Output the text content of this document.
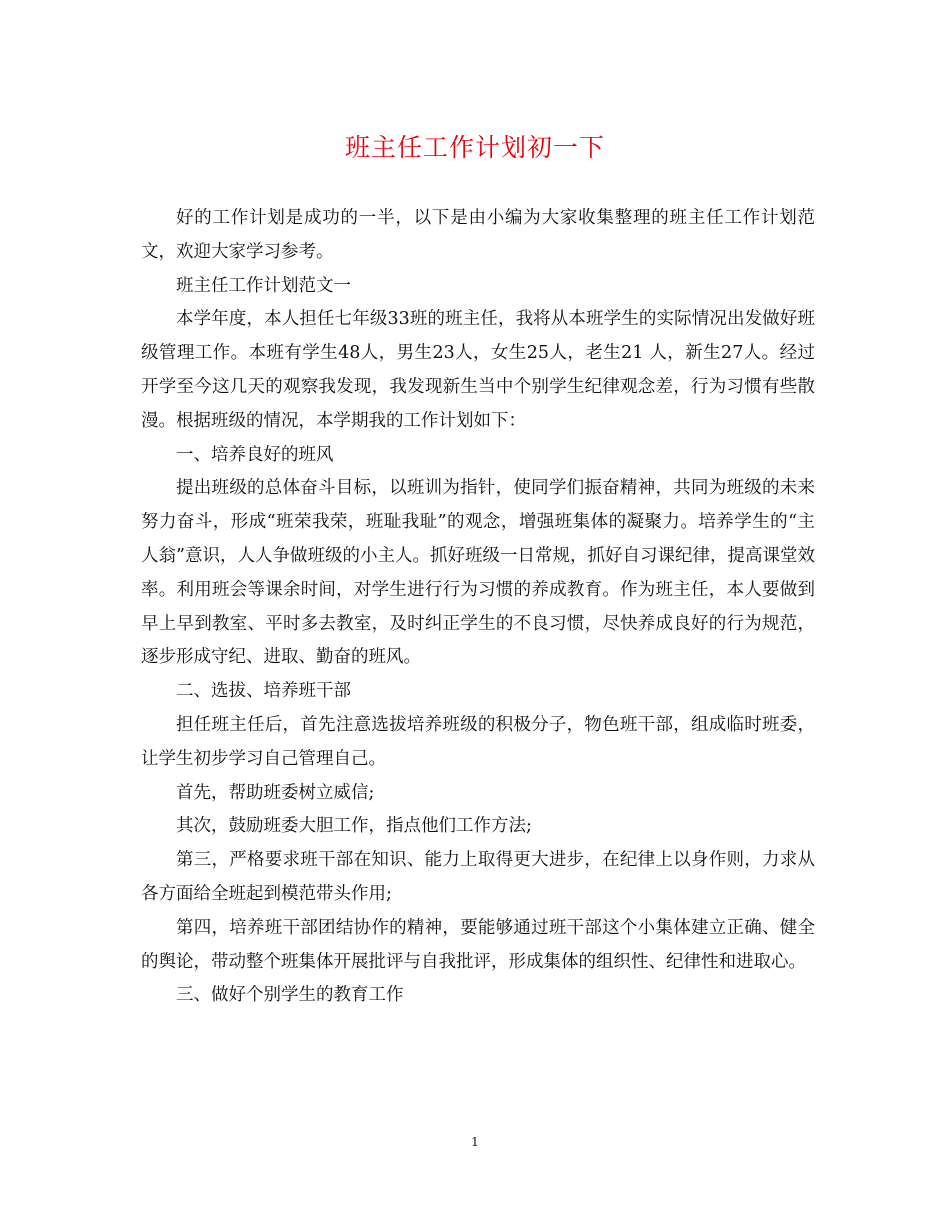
班主任工作计划初一下

好的工作计划是成功的一半，以下是由小编为大家收集整理的班主任工作计划范文，欢迎大家学习参考。

班主任工作计划范文一

本学年度，本人担任七年级33班的班主任，我将从本班学生的实际情况出发做好班级管理工作。本班有学生48人，男生23人，女生25人，老生21 人，新生27人。经过开学至今这几天的观察我发现，我发现新生当中个别学生纪律观念差，行为习惯有些散漫。根据班级的情况，本学期我的工作计划如下：

一、培养良好的班风

提出班级的总体奋斗目标，以班训为指针，使同学们振奋精神，共同为班级的未来努力奋斗，形成“班荣我荣，班耻我耻”的观念，增强班集体的凝聚力。培养学生的“主人翁”意识，人人争做班级的小主人。抓好班级一日常规，抓好自习课纪律，提高课堂效率。利用班会等课余时间，对学生进行行为习惯的养成教育。作为班主任，本人要做到早上早到教室、平时多去教室，及时纠正学生的不良习惯，尽快养成良好的行为规范，逐步形成守纪、进取、勤奋的班风。

二、选拔、培养班干部

担任班主任后，首先注意选拔培养班级的积极分子，物色班干部，组成临时班委，让学生初步学习自己管理自己。

首先，帮助班委树立威信;

其次，鼓励班委大胆工作，指点他们工作方法;

第三，严格要求班干部在知识、能力上取得更大进步，在纪律上以身作则，力求从各方面给全班起到模范带头作用;

第四，培养班干部团结协作的精神，要能够通过班干部这个小集体建立正确、健全的舆论，带动整个班集体开展批评与自我批评，形成集体的组织性、纪律性和进取心。

三、做好个别学生的教育工作

1
